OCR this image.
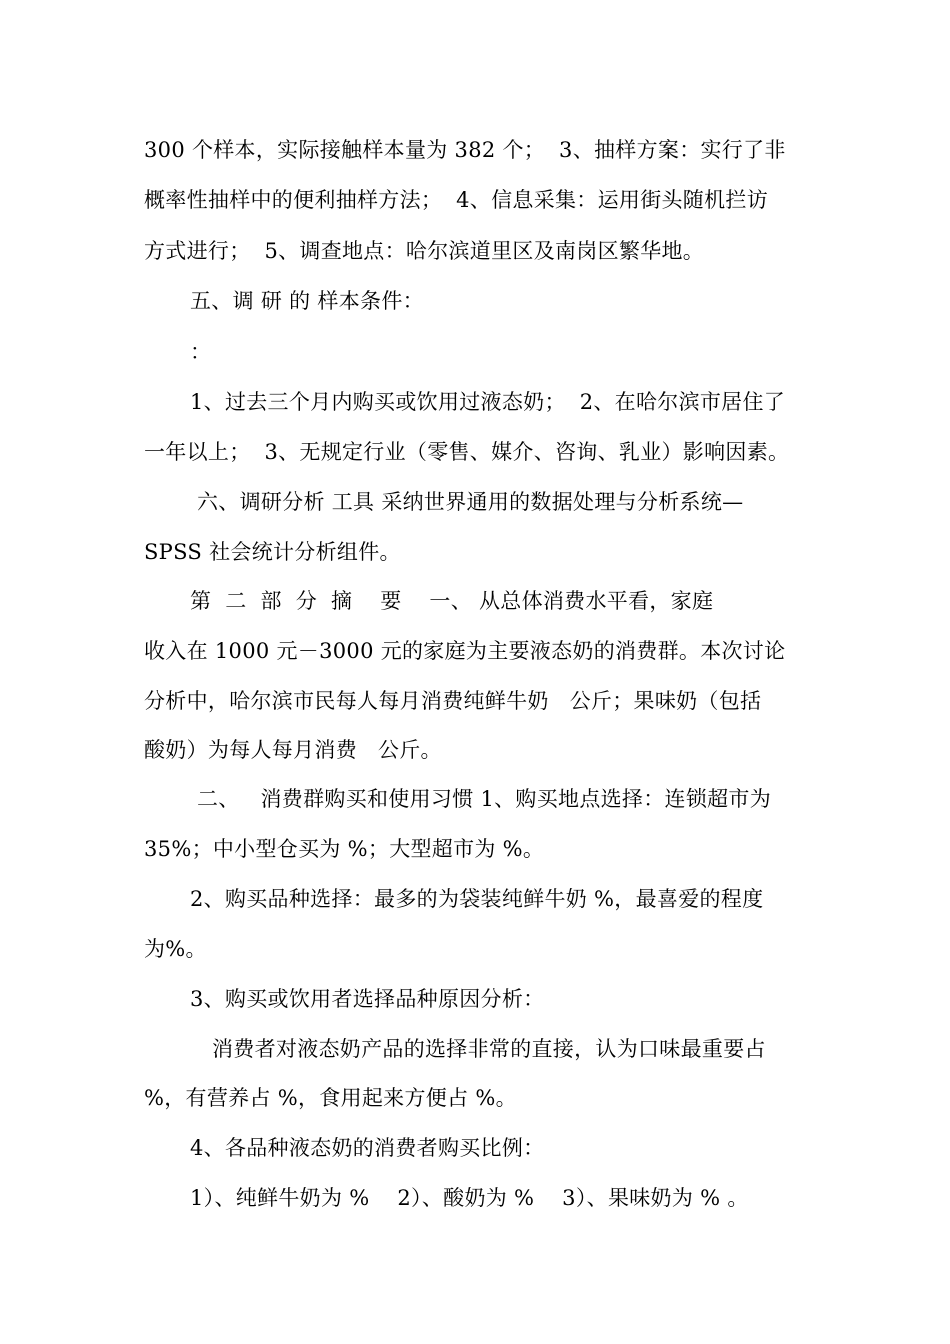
300 个样本，实际接触样本量为 382 个；  3、抽样方案：实行了非
概率性抽样中的便利抽样方法；  4、信息采集：运用街头随机拦访
方式进行；  5、调查地点：哈尔滨道里区及南岗区繁华地。
五、调 研 的 样本条件：
：
1、过去三个月内购买或饮用过液态奶；  2、在哈尔滨市居住了
一年以上；  3、无规定行业（零售、媒介、咨询、乳业）影响因素。
六、调研分析 工具 采纳世界通用的数据处理与分析系统—
SPSS 社会统计分析组件。
第  二  部  分  摘    要    一、 从总体消费水平看，家庭
收入在 1000 元－3000 元的家庭为主要液态奶的消费群。本次讨论
分析中，哈尔滨市民每人每月消费纯鲜牛奶   公斤；果味奶（包括
酸奶）为每人每月消费   公斤。
二、   消费群购买和使用习惯 1、购买地点选择：连锁超市为
35%；中小型仓买为 %；大型超市为 %。
2、购买品种选择：最多的为袋装纯鲜牛奶 %，最喜爱的程度
为%。
3、购买或饮用者选择品种原因分析：
消费者对液态奶产品的选择非常的直接，认为口味最重要占
%，有营养占 %，食用起来方便占 %。
4、各品种液态奶的消费者购买比例：
1）、纯鲜牛奶为 %    2）、酸奶为 %    3）、果味奶为 % 。
